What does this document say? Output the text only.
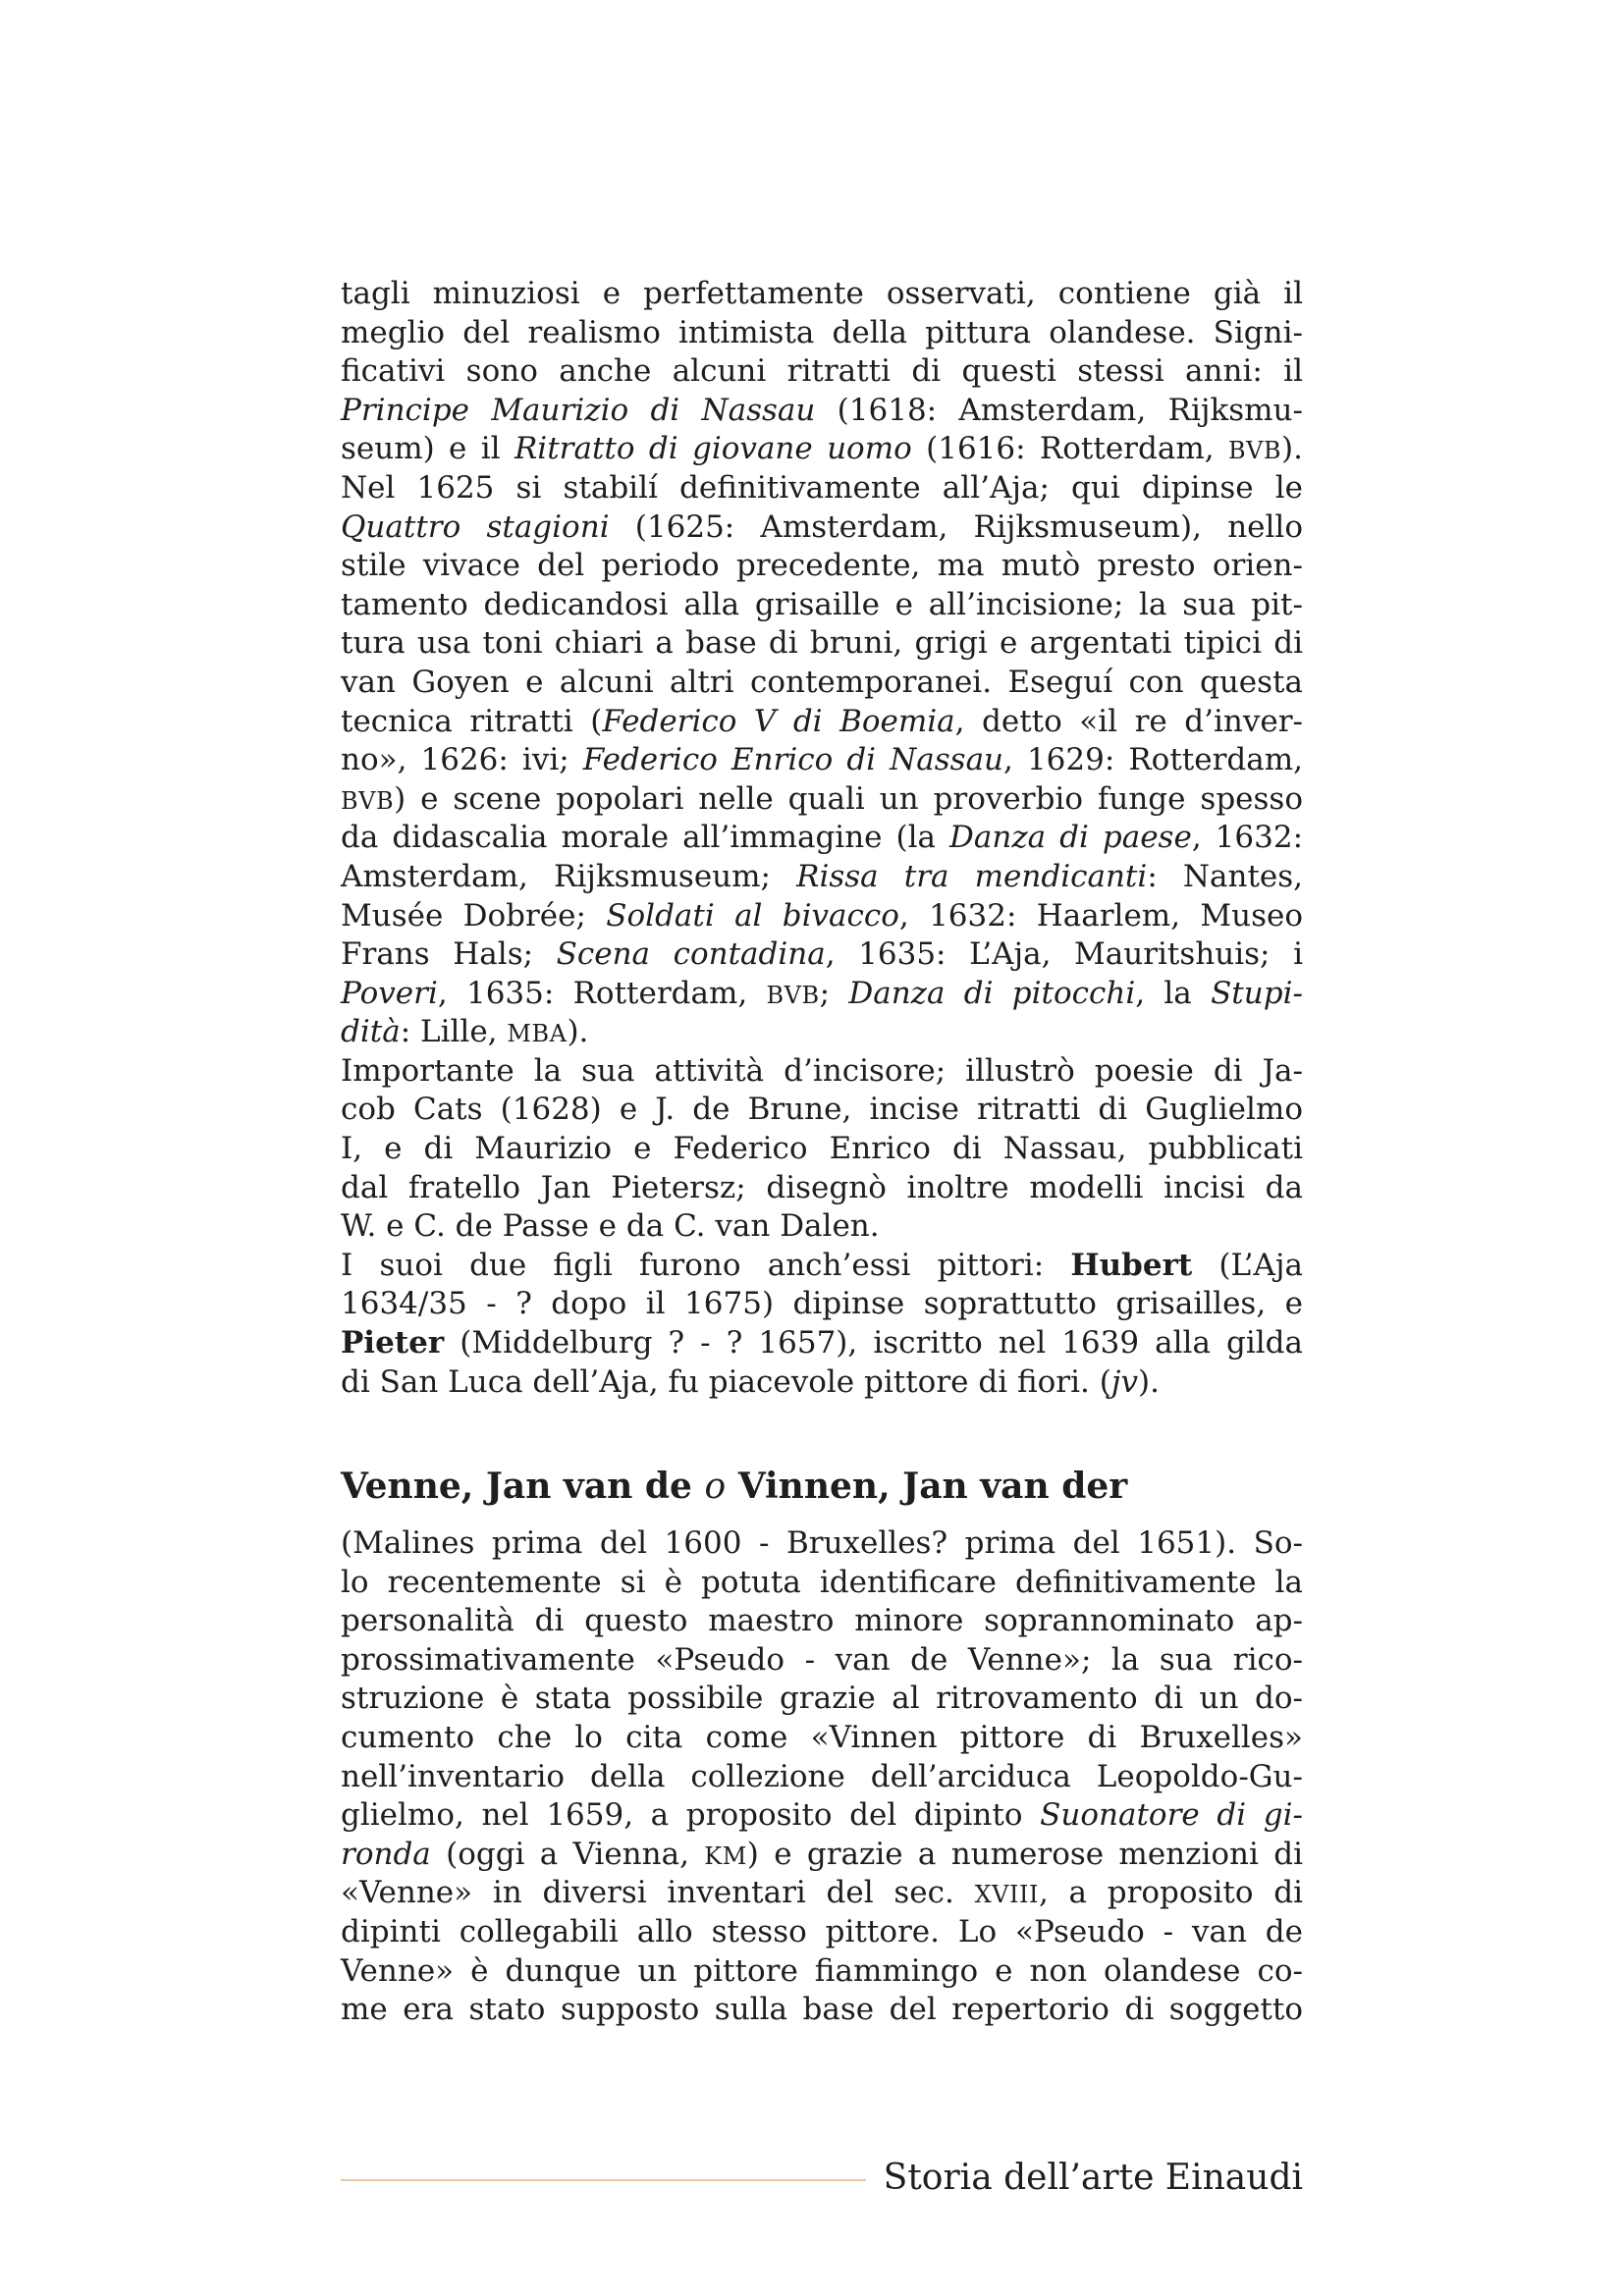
tagli minuziosi e perfettamente osservati, contiene già il
meglio del realismo intimista della pittura olandese. Signi-
ficativi sono anche alcuni ritratti di questi stessi anni: il
Principe Maurizio di Nassau (1618: Amsterdam, Rijksmu-
seum) e il Ritratto di giovane uomo (1616: Rotterdam, BVB).
Nel 1625 si stabilí definitivamente all’Aja; qui dipinse le
Quattro stagioni (1625: Amsterdam, Rijksmuseum), nello
stile vivace del periodo precedente, ma mutò presto orien-
tamento dedicandosi alla grisaille e all’incisione; la sua pit-
tura usa toni chiari a base di bruni, grigi e argentati tipici di
van Goyen e alcuni altri contemporanei. Eseguí con questa
tecnica ritratti (Federico V di Boemia, detto «il re d’inver-
no», 1626: ivi; Federico Enrico di Nassau, 1629: Rotterdam,
BVB) e scene popolari nelle quali un proverbio funge spesso
da didascalia morale all’immagine (la Danza di paese, 1632:
Amsterdam, Rijksmuseum; Rissa tra mendicanti: Nantes,
Musée Dobrée; Soldati al bivacco, 1632: Haarlem, Museo
Frans Hals; Scena contadina, 1635: L’Aja, Mauritshuis; i
Poveri, 1635: Rotterdam, BVB; Danza di pitocchi, la Stupi-
dità: Lille, MBA).
Importante la sua attività d’incisore; illustrò poesie di Ja-
cob Cats (1628) e J. de Brune, incise ritratti di Guglielmo
I, e di Maurizio e Federico Enrico di Nassau, pubblicati
dal fratello Jan Pietersz; disegnò inoltre modelli incisi da
W. e C. de Passe e da C. van Dalen.
I suoi due figli furono anch’essi pittori: Hubert (L’Aja
1634/35 - ? dopo il 1675) dipinse soprattutto grisailles, e
Pieter (Middelburg ? - ? 1657), iscritto nel 1639 alla gilda
di San Luca dell’Aja, fu piacevole pittore di fiori. (jv).
Venne, Jan van de o Vinnen, Jan van der
(Malines prima del 1600 - Bruxelles? prima del 1651). So-
lo recentemente si è potuta identificare definitivamente la
personalità di questo maestro minore soprannominato ap-
prossimativamente «Pseudo - van de Venne»; la sua rico-
struzione è stata possibile grazie al ritrovamento di un do-
cumento che lo cita come «Vinnen pittore di Bruxelles»
nell’inventario della collezione dell’arciduca Leopoldo-Gu-
glielmo, nel 1659, a proposito del dipinto Suonatore di gi-
ronda (oggi a Vienna, KM) e grazie a numerose menzioni di
«Venne» in diversi inventari del sec. XVIII, a proposito di
dipinti collegabili allo stesso pittore. Lo «Pseudo - van de
Venne» è dunque un pittore fiammingo e non olandese co-
me era stato supposto sulla base del repertorio di soggetto
Storia dell’arte Einaudi
